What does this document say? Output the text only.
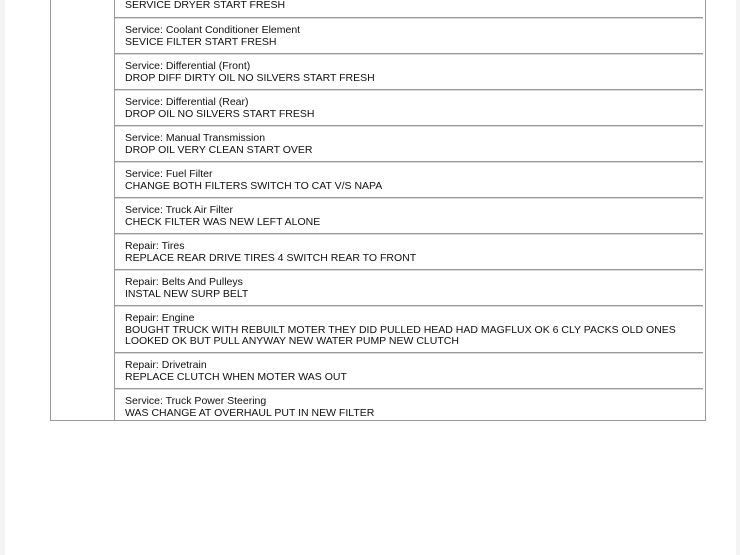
SERVICE DRYER START FRESH
Service: Coolant Conditioner Element
SEVICE FILTER START FRESH
Service: Differential (Front)
DROP DIFF DIRTY OIL NO SILVERS START FRESH
Service: Differential (Rear)
DROP OIL NO SILVERS START FRESH
Service: Manual Transmission
DROP OIL VERY CLEAN START OVER
Service: Fuel Filter
CHANGE BOTH FILTERS SWITCH TO CAT V/S NAPA
Service: Truck Air Filter
CHECK FILTER WAS NEW LEFT ALONE
Repair: Tires
REPLACE REAR DRIVE TIRES 4 SWITCH REAR TO FRONT
Repair: Belts And Pulleys
INSTAL NEW SURP BELT
Repair: Engine
BOUGHT TRUCK WITH REBUILT MOTER THEY DID PULLED HEAD HAD MAGFLUX OK 6 CLY PACKS OLD ONES
LOOKED OK BUT PULL ANYWAY NEW WATER PUMP NEW CLUTCH
Repair: Drivetrain
REPLACE CLUTCH WHEN MOTER WAS OUT
Service: Truck Power Steering
WAS CHANGE AT OVERHAUL PUT IN NEW FILTER
